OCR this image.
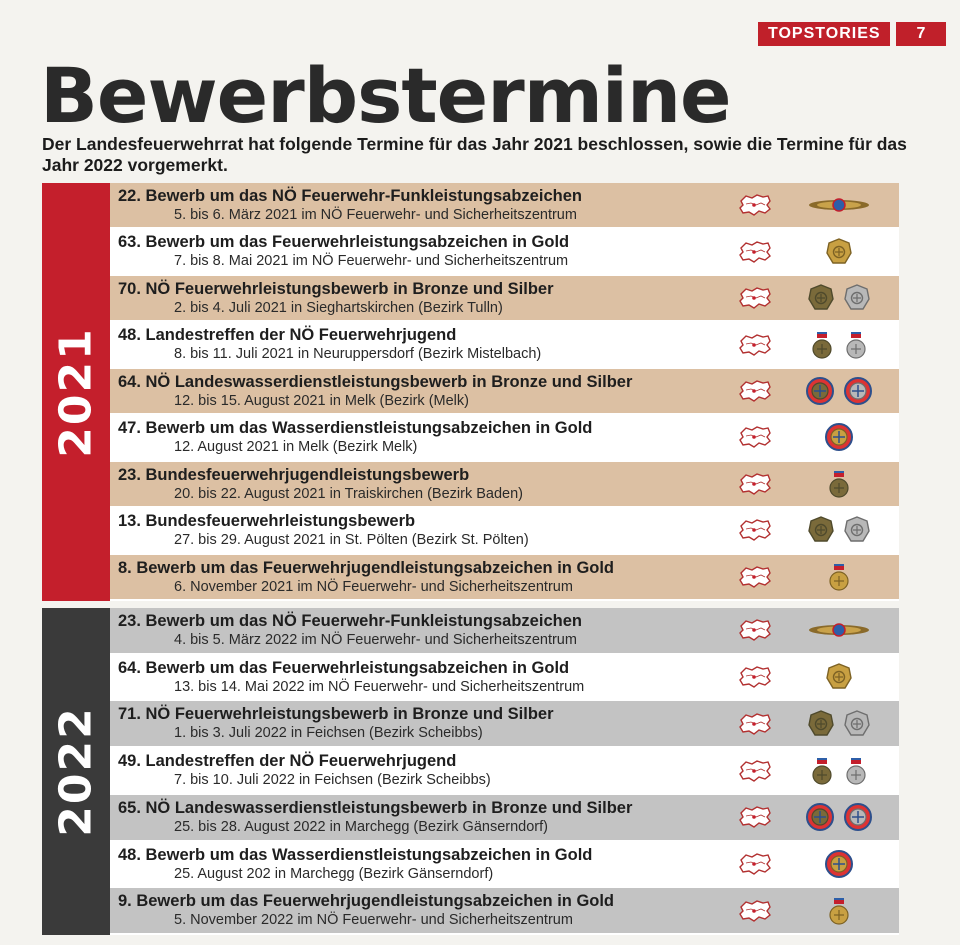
TOPSTORIES	7
Bewerbstermine
Der Landesfeuerwehrrat hat folgende Termine für das Jahr 2021 beschlossen, sowie die Termine für das Jahr 2022 vorgemerkt.
2021
22. Bewerb um das NÖ Feuerwehr-Funkleistungsabzeichen
5. bis 6. März 2021 im NÖ Feuerwehr- und Sicherheitszentrum
63. Bewerb um das Feuerwehrleistungsabzeichen in Gold
7. bis 8. Mai 2021 im NÖ Feuerwehr- und Sicherheitszentrum
70. NÖ Feuerwehrleistungsbewerb in Bronze und Silber
2. bis 4. Juli 2021 in Sieghartskirchen (Bezirk Tulln)
48. Landestreffen der NÖ Feuerwehrjugend
8. bis 11. Juli 2021 in Neuruppersdorf (Bezirk Mistelbach)
64. NÖ Landeswasserdienstleistungsbewerb in Bronze und Silber
12. bis 15. August 2021 in Melk (Bezirk (Melk)
47. Bewerb um das Wasserdienstleistungsabzeichen in Gold
12. August 2021 in Melk (Bezirk Melk)
23. Bundesfeuerwehrjugendleistungsbewerb
20. bis 22. August 2021 in Traiskirchen (Bezirk Baden)
13. Bundesfeuerwehrleistungsbewerb
27. bis 29. August 2021 in St. Pölten (Bezirk St. Pölten)
8. Bewerb um das Feuerwehrjugendleistungsabzeichen in Gold
6. November 2021 im NÖ Feuerwehr- und Sicherheitszentrum
2022
23. Bewerb um das NÖ Feuerwehr-Funkleistungsabzeichen
4. bis 5. März 2022 im NÖ Feuerwehr- und Sicherheitszentrum
64. Bewerb um das Feuerwehrleistungsabzeichen in Gold
13. bis 14. Mai 2022 im NÖ Feuerwehr- und Sicherheitszentrum
71. NÖ Feuerwehrleistungsbewerb in Bronze und Silber
1. bis 3. Juli 2022 in Feichsen (Bezirk Scheibbs)
49. Landestreffen der NÖ Feuerwehrjugend
7. bis 10. Juli 2022 in Feichsen (Bezirk Scheibbs)
65. NÖ Landeswasserdienstleistungsbewerb in Bronze und Silber
25. bis 28. August 2022 in Marchegg (Bezirk Gänserndorf)
48. Bewerb um das Wasserdienstleistungsabzeichen in Gold
25. August 202 in Marchegg (Bezirk Gänserndorf)
9. Bewerb um das Feuerwehrjugendleistungsabzeichen in Gold
5. November 2022 im NÖ Feuerwehr- und Sicherheitszentrum
